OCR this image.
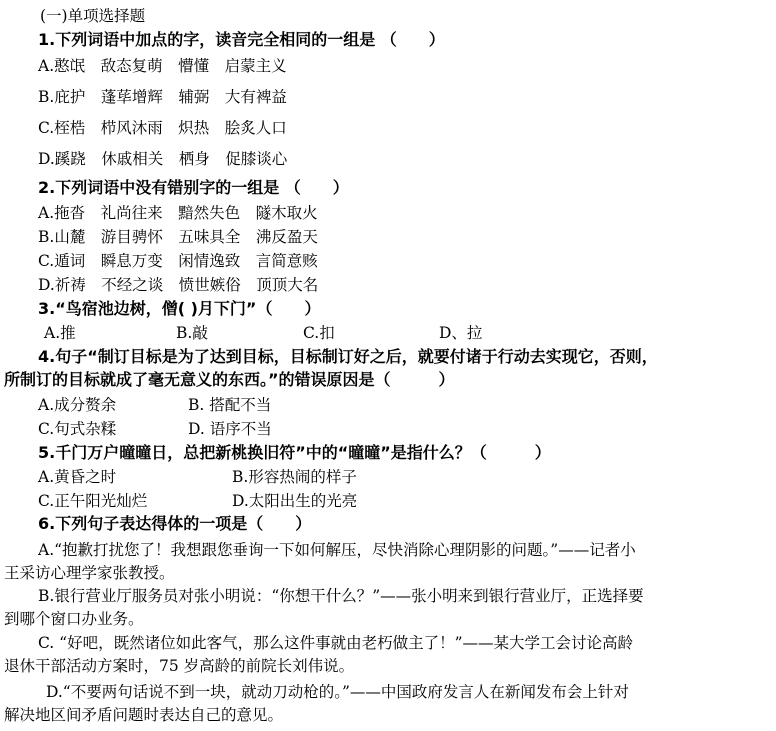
(一)单项选择题
1.下列词语中加点的字，读音完全相同的一组是 （　　）
A.憨氓　敌态复萌　懵懂　启蒙主义
B.庇护　蓬荜增辉　辅弼　大有裨益
C.桎梏　栉风沐雨　炽热　脍炙人口
D.蹊跷　休戚相关　栖身　促膝谈心
2.下列词语中没有错别字的一组是 （　　）
A.拖沓　礼尚往来　黯然失色　隧木取火
B.山麓　游目骋怀　五味具全　沸反盈天
C.遁词　瞬息万变　闲情逸致　言简意赅
D.祈祷　不经之谈　愤世嫉俗　顶顶大名
3.“鸟宿池边树，僧( )月下门”（　　）
A.推	B.敲	C.扣	D、拉
4.句子“制订目标是为了达到目标，目标制订好之后，就要付诸于行动去实现它，否则，
所制订的目标就成了毫无意义的东西。”的错误原因是（　　　）
A.成分赘余	B. 搭配不当
C.句式杂糅	D. 语序不当
5.千门万户曈曈日，总把新桃换旧符”中的“曈曈”是指什么？（　　　）
A.黄昏之时	B.形容热闹的样子
C.正午阳光灿烂	D.太阳出生的光亮
6.下列句子表达得体的一项是（　　）
A.“抱歉打扰您了！我想跟您垂询一下如何解压，尽快消除心理阴影的问题。”——记者小
王采访心理学家张教授。
B.银行营业厅服务员对张小明说：“你想干什么？”——张小明来到银行营业厅，正选择要
到哪个窗口办业务。
C. “好吧，既然诸位如此客气，那么这件事就由老朽做主了！”——某大学工会讨论高龄
退休干部活动方案时，75 岁高龄的前院长刘伟说。
D.“不要两句话说不到一块，就动刀动枪的。”——中国政府发言人在新闻发布会上针对
解决地区间矛盾问题时表达自己的意见。
